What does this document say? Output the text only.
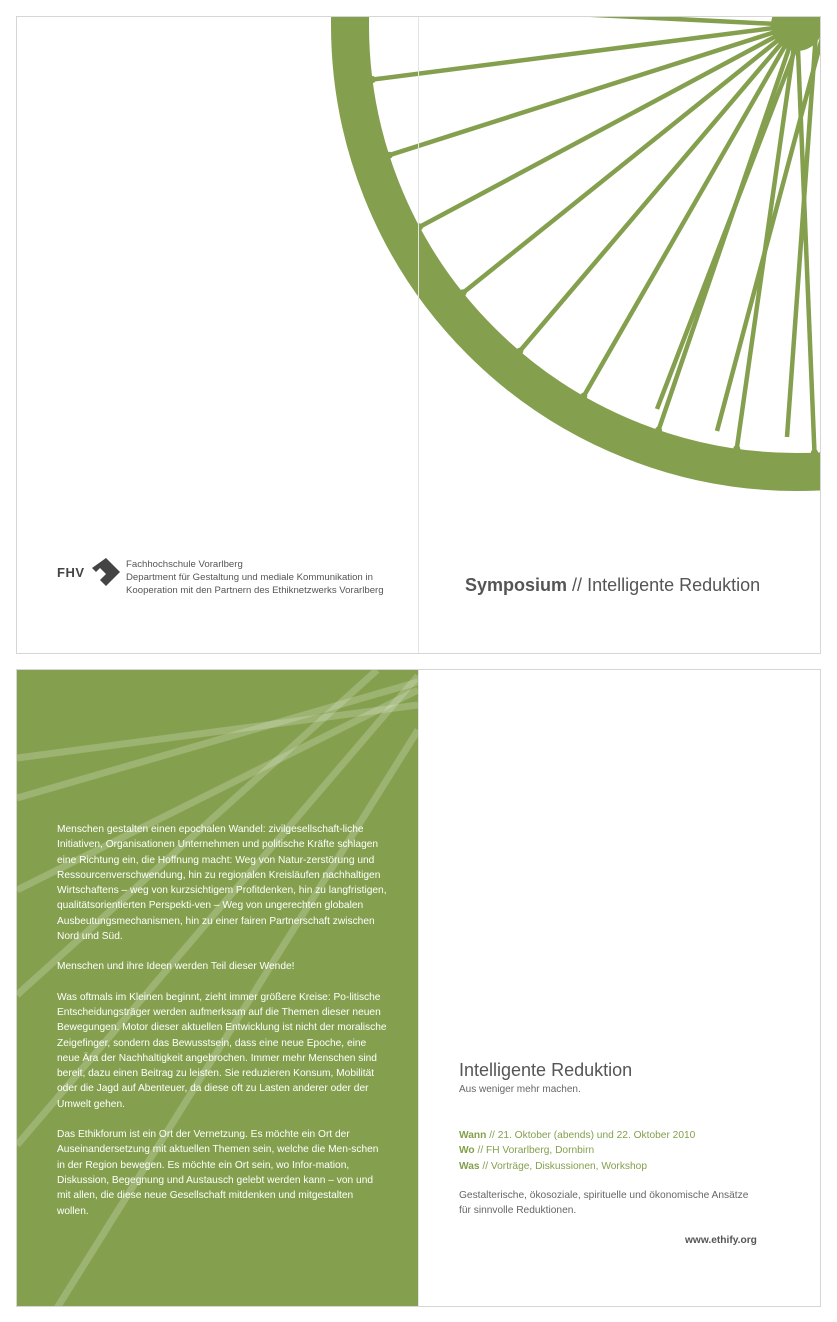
FHV	Fachhochschule Vorarlberg
Department für Gestaltung und mediale Kommunikation in
Kooperation mit den Partnern des Ethiknetzwerks Vorarlberg	Symposium // Intelligente Reduktion

Menschen gestalten einen epochalen Wandel: zivilgesellschaft-liche Initiativen, Organisationen Unternehmen und politische Kräfte schlagen eine Richtung ein, die Hoffnung macht: Weg von Natur-zerstörung und Ressourcenverschwendung, hin zu regionalen Kreisläufen nachhaltigen Wirtschaftens – weg von kurzsichtigem Profitdenken, hin zu langfristigen, qualitätsorientierten Perspekti-ven – Weg von ungerechten globalen Ausbeutungsmechanismen, hin zu einer fairen Partnerschaft zwischen Nord und Süd.

Menschen und ihre Ideen werden Teil dieser Wende!

Was oftmals im Kleinen beginnt, zieht immer größere Kreise: Po-litische Entscheidungsträger werden aufmerksam auf die Themen dieser neuen Bewegungen. Motor dieser aktuellen Entwicklung ist nicht der moralische Zeigefinger, sondern das Bewusstsein, dass eine neue Epoche, eine neue Ära der Nachhaltigkeit angebrochen. Immer mehr Menschen sind bereit, dazu einen Beitrag zu leisten. Sie reduzieren Konsum, Mobilität oder die Jagd auf Abenteuer, da diese oft zu Lasten anderer oder der Umwelt gehen.

Das Ethikforum ist ein Ort der Vernetzung. Es möchte ein Ort der Auseinandersetzung mit aktuellen Themen sein, welche die Men-schen in der Region bewegen. Es möchte ein Ort sein, wo Infor-mation, Diskussion, Begegnung und Austausch gelebt werden kann – von und mit allen, die diese neue Gesellschaft mitdenken und mitgestalten wollen.

Intelligente Reduktion
Aus weniger mehr machen.
Wann // 21. Oktober (abends) und 22. Oktober 2010
Wo // FH Vorarlberg, Dornbirn
Was // Vorträge, Diskussionen, Workshop
Gestalterische, ökosoziale, spirituelle und ökonomische Ansätze
für sinnvolle Reduktionen.
www.ethify.org
